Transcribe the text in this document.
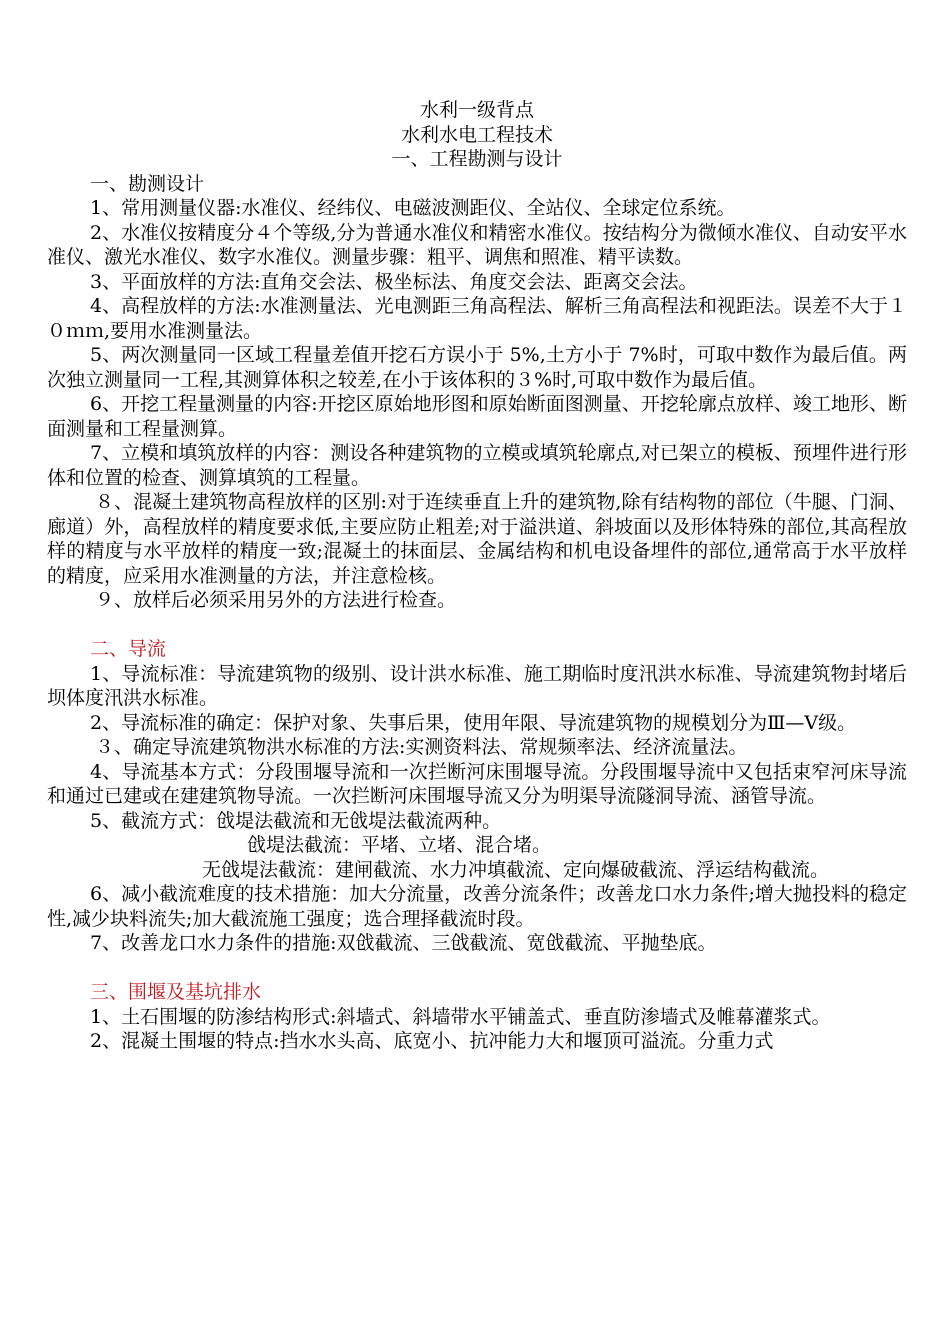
水利一级背点

水利水电工程技术

一、工程勘测与设计

一、勘测设计

1、常用测量仪器:水准仪、经纬仪、电磁波测距仪、全站仪、全球定位系统。

2、水准仪按精度分４个等级,分为普通水准仪和精密水准仪。按结构分为微倾水准仪、自动安平水准仪、激光水准仪、数字水准仪。测量步骤：粗平、调焦和照准、精平读数。

3、平面放样的方法:直角交会法、极坐标法、角度交会法、距离交会法。

4、高程放样的方法:水准测量法、光电测距三角高程法、解析三角高程法和视距法。误差不大于１０ｍｍ,要用水准测量法。

5、两次测量同一区域工程量差值开挖石方误小于 5%,土方小于 7%时，可取中数作为最后值。两次独立测量同一工程,其测算体积之较差,在小于该体积的３%时,可取中数作为最后值。

6、开挖工程量测量的内容:开挖区原始地形图和原始断面图测量、开挖轮廓点放样、竣工地形、断面测量和工程量测算。

7、立模和填筑放样的内容：测设各种建筑物的立模或填筑轮廓点,对已架立的模板、预埋件进行形体和位置的检查、测算填筑的工程量。

８、混凝土建筑物高程放样的区别:对于连续垂直上升的建筑物,除有结构物的部位（牛腿、门洞、廊道）外，高程放样的精度要求低,主要应防止粗差;对于溢洪道、斜坡面以及形体特殊的部位,其高程放样的精度与水平放样的精度一致;混凝土的抹面层、金属结构和机电设备埋件的部位,通常高于水平放样的精度，应采用水准测量的方法，并注意检核。

９、放样后必须采用另外的方法进行检查。

二、导流

1、导流标准：导流建筑物的级别、设计洪水标准、施工期临时度汛洪水标准、导流建筑物封堵后坝体度汛洪水标准。

2、导流标准的确定：保护对象、失事后果，使用年限、导流建筑物的规模划分为Ⅲ—Ⅴ级。

３、确定导流建筑物洪水标准的方法:实测资料法、常规频率法、经济流量法。

4、导流基本方式：分段围堰导流和一次拦断河床围堰导流。分段围堰导流中又包括束窄河床导流和通过已建或在建建筑物导流。一次拦断河床围堰导流又分为明渠导流隧洞导流、涵管导流。

5、截流方式：戗堤法截流和无戗堤法截流两种。

戗堤法截流：平堵、立堵、混合堵。

无戗堤法截流：建闸截流、水力冲填截流、定向爆破截流、浮运结构截流。

6、减小截流难度的技术措施：加大分流量，改善分流条件；改善龙口水力条件;增大抛投料的稳定性,减少块料流失;加大截流施工强度；选合理择截流时段。

7、改善龙口水力条件的措施:双戗截流、三戗截流、宽戗截流、平抛垫底。

三、围堰及基坑排水

1、土石围堰的防渗结构形式:斜墙式、斜墙带水平铺盖式、垂直防渗墙式及帷幕灌浆式。

2、混凝土围堰的特点:挡水水头高、底宽小、抗冲能力大和堰顶可溢流。分重力式
